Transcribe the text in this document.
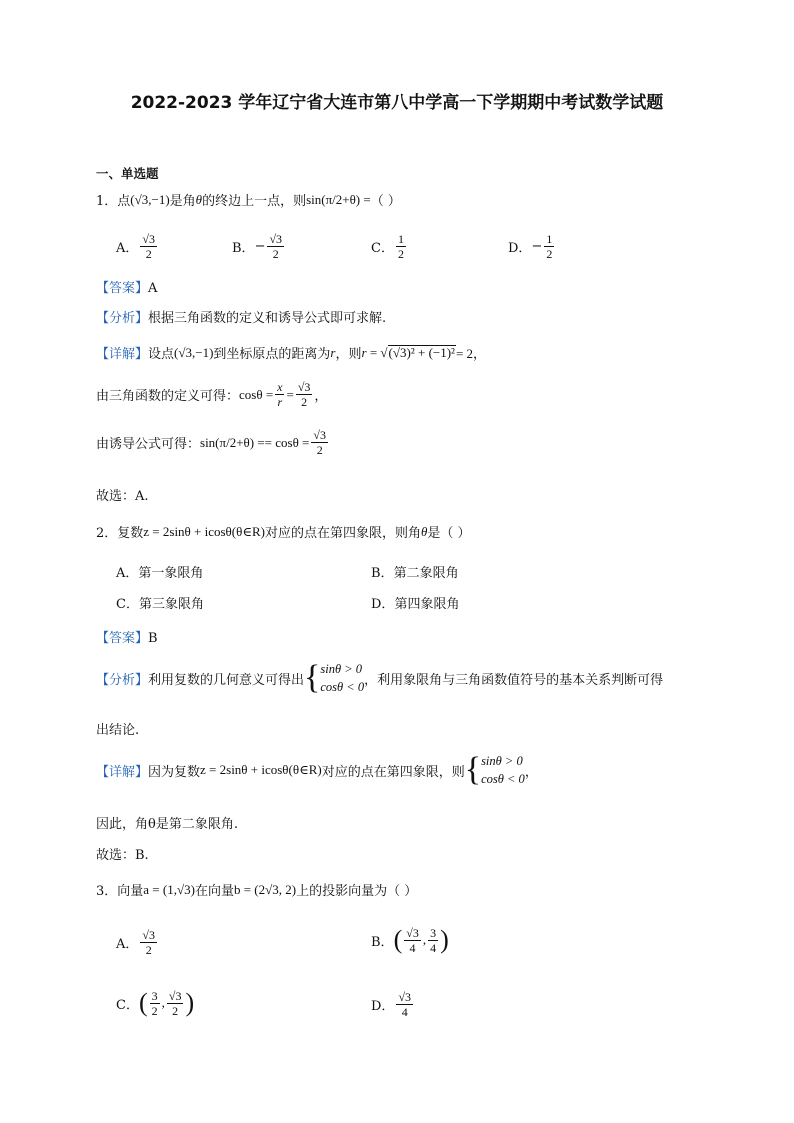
2022-2023 学年辽宁省大连市第八中学高一下学期期中考试数学试题
一、单选题
1．点 (√3,−1) 是角 θ 的终边上一点，则 sin(π/2+θ) = （ ）
A． $\frac{√3}{2}$	B． − $\frac{√3}{2}$	C． $\frac{1}{2}$	D． − $\frac{1}{2}$
【答案】A
【分析】根据三角函数的定义和诱导公式即可求解.
【详解】 设点 (√3,−1) 到坐标原点的距离为 r ，则 r = √(√3)² + (−1)² = 2，
由三角函数的定义可得： $\cos\theta = \frac{x}{r} = \frac{√3}{2}$ ，
由诱导公式可得： sin(π/2+θ) = = $\cos\theta = \frac{√3}{2}$
故选：A.
2．复数 z = 2sinθ + icosθ(θ∈R) 对应的点在第四象限，则角 θ 是（ ）
A．第一象限角	B．第二象限角
C．第三象限角	D．第四象限角
【答案】B
【分析】 利用复数的几何意义可得出 {sinθ > 0
cosθ < 0 ，利用象限角与三角函数值符号的基本关系判断可得
出结论.
【详解】 因为复数 z = 2sinθ + icosθ(θ∈R) 对应的点在第四象限，则 {sinθ > 0
cosθ < 0 ，
因此，角θ是第二象限角.
故选：B.
3．向量 a = (1,√3) 在向量 b = (2√3, 2) 上的投影向量为（ ）
A． $\frac{√3}{2}$	B． ( $\frac{√3}{4}$ , $\frac{3}{4}$ )
C． ( $\frac{3}{2}$ , $\frac{√3}{2}$ )	D． $\frac{√3}{4}$
